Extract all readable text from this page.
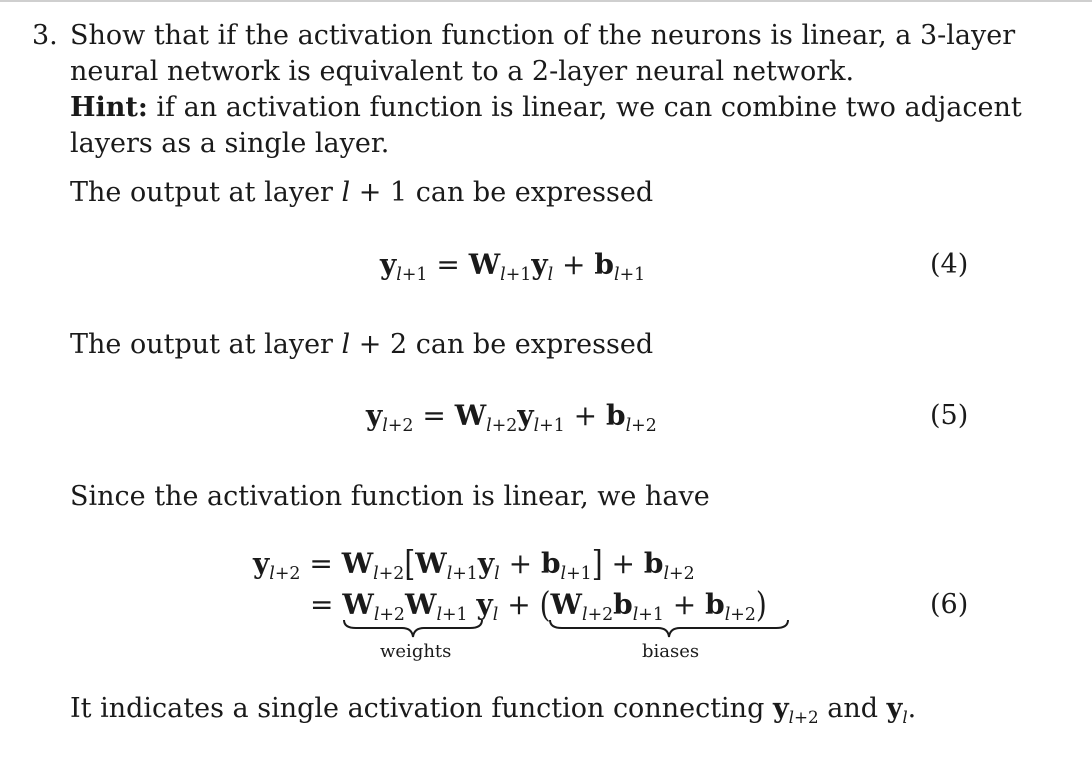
3. Show that if the activation function of the neurons is linear, a 3-layer
neural network is equivalent to a 2-layer neural network.
Hint: if an activation function is linear, we can combine two adjacent
layers as a single layer.
The output at layer l + 1 can be expressed
$y_{l+1} = W_{l+1}y_l + b_{l+1}$	(4)
The output at layer l + 2 can be expressed
$y_{l+2} = W_{l+2}y_{l+1} + b_{l+2}$	(5)
Since the activation function is linear, we have
$y_{l+2} = W_{l+2}[W_{l+1}y_l + b_{l+1}] + b_{l+2}$
= $W_{l+2}W_{l+1}$ $y_l + (W_{l+2}b_{l+1} + b_{l+2})$	(6)
weights	biases
It indicates a single activation function connecting $y_{l+2}$ and $y_l$.
